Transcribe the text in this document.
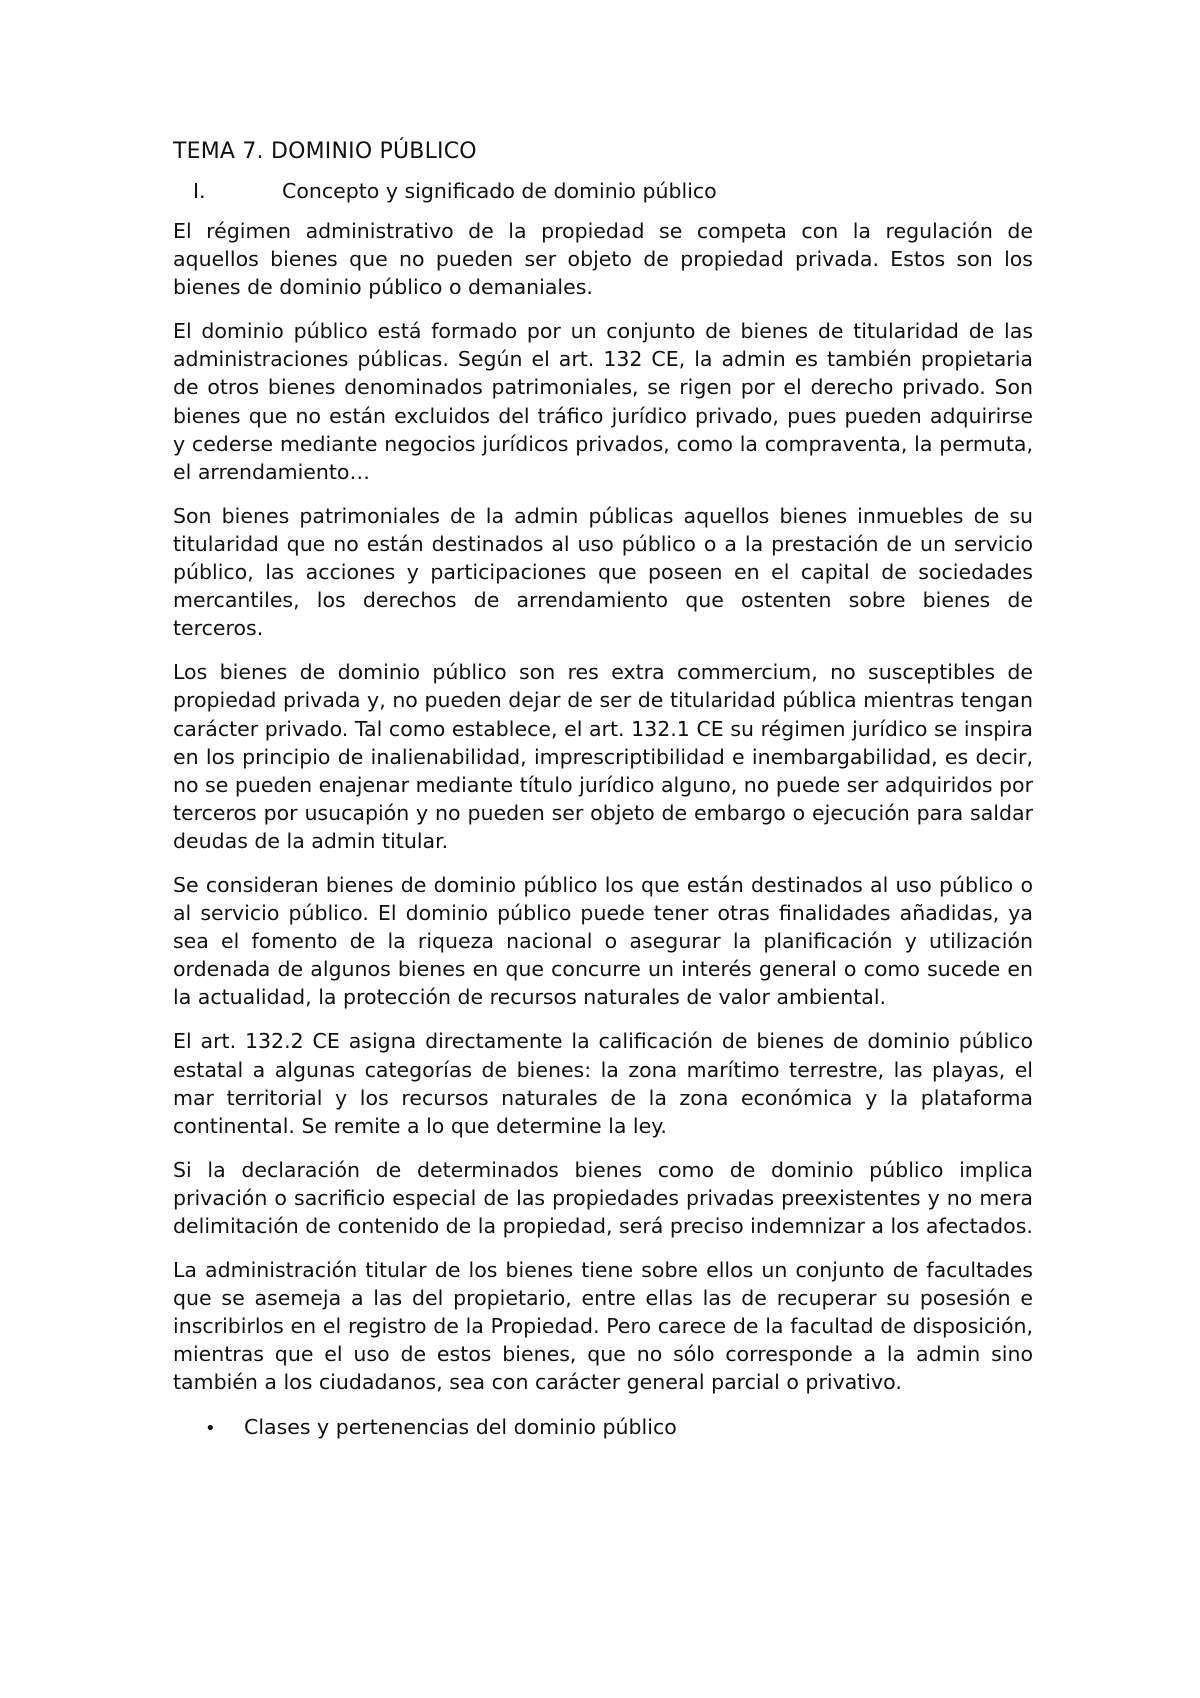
TEMA 7. DOMINIO PÚBLICO
I.	Concepto y significado de dominio público

El régimen administrativo de la propiedad se competa con la regulación de aquellos bienes que no pueden ser objeto de propiedad privada. Estos son los bienes de dominio público o demaniales.

El dominio público está formado por un conjunto de bienes de titularidad de las administraciones públicas. Según el art. 132 CE, la admin es también propietaria de otros bienes denominados patrimoniales, se rigen por el derecho privado. Son bienes que no están excluidos del tráfico jurídico privado, pues pueden adquirirse y cederse mediante negocios jurídicos privados, como la compraventa, la permuta, el arrendamiento…

Son bienes patrimoniales de la admin públicas aquellos bienes inmuebles de su titularidad que no están destinados al uso público o a la prestación de un servicio público, las acciones y participaciones que poseen en el capital de sociedades mercantiles, los derechos de arrendamiento que ostenten sobre bienes de terceros.

Los bienes de dominio público son res extra commercium, no susceptibles de propiedad privada y, no pueden dejar de ser de titularidad pública mientras tengan carácter privado. Tal como establece, el art. 132.1 CE su régimen jurídico se inspira en los principio de inalienabilidad, imprescriptibilidad e inembargabilidad, es decir, no se pueden enajenar mediante título jurídico alguno, no puede ser adquiridos por terceros por usucapión y no pueden ser objeto de embargo o ejecución para saldar deudas de la admin titular.

Se consideran bienes de dominio público los que están destinados al uso público o al servicio público. El dominio público puede tener otras finalidades añadidas, ya sea el fomento de la riqueza nacional o asegurar la planificación y utilización ordenada de algunos bienes en que concurre un interés general o como sucede en la actualidad, la protección de recursos naturales de valor ambiental.

El art. 132.2 CE asigna directamente la calificación de bienes de dominio público estatal a algunas categorías de bienes: la zona marítimo terrestre, las playas, el mar territorial y los recursos naturales de la zona económica y la plataforma continental. Se remite a lo que determine la ley.

Si la declaración de determinados bienes como de dominio público implica privación o sacrificio especial de las propiedades privadas preexistentes y no mera delimitación de contenido de la propiedad, será preciso indemnizar a los afectados.

La administración titular de los bienes tiene sobre ellos un conjunto de facultades que se asemeja a las del propietario, entre ellas las de recuperar su posesión e inscribirlos en el registro de la Propiedad. Pero carece de la facultad de disposición, mientras que el uso de estos bienes, que no sólo corresponde a la admin sino también a los ciudadanos, sea con carácter general parcial o privativo.

•	Clases y pertenencias del dominio público
